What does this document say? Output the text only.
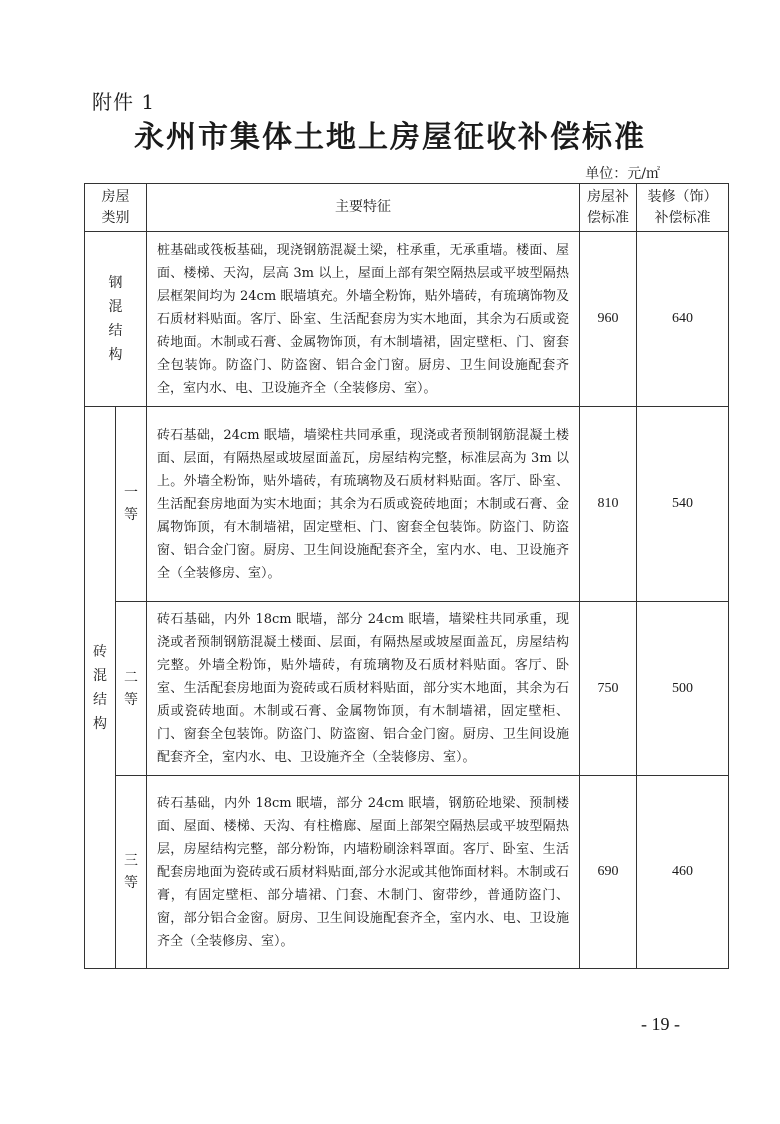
附件 1
永州市集体土地上房屋征收补偿标准
单位：元/㎡
房屋类别		主要特征	房屋补偿标准	装修（饰）补偿标准
钢混结构		桩基础或筏板基础，现浇钢筋混凝土梁，柱承重，无承重墙。楼面、屋面、楼梯、天沟，层高 3m 以上，屋面上部有架空隔热层或平坡型隔热层框架间均为 24cm 眠墙填充。外墙全粉饰，贴外墙砖，有琉璃饰物及石质材料贴面。客厅、卧室、生活配套房为实木地面，其余为石质或瓷砖地面。木制或石膏、金属物饰顶，有木制墙裙，固定壁柜、门、窗套全包装饰。防盗门、防盗窗、铝合金门窗。厨房、卫生间设施配套齐全，室内水、电、卫设施齐全（全装修房、室）。	960	640
砖混结构	一等	砖石基础，24cm 眠墙，墙梁柱共同承重，现浇或者预制钢筋混凝土楼面、层面，有隔热屋或坡屋面盖瓦，房屋结构完整，标准层高为 3m 以上。外墙全粉饰，贴外墙砖，有琉璃物及石质材料贴面。客厅、卧室、生活配套房地面为实木地面；其余为石质或瓷砖地面；木制或石膏、金属物饰顶，有木制墙裙，固定壁柜、门、窗套全包装饰。防盗门、防盗窗、铝合金门窗。厨房、卫生间设施配套齐全，室内水、电、卫设施齐全（全装修房、室）。	810	540
	二等	砖石基础，内外 18cm 眠墙，部分 24cm 眠墙，墙梁柱共同承重，现浇或者预制钢筋混凝土楼面、层面，有隔热屋或坡屋面盖瓦，房屋结构完整。外墙全粉饰，贴外墙砖，有琉璃物及石质材料贴面。客厅、卧室、生活配套房地面为瓷砖或石质材料贴面，部分实木地面，其余为石质或瓷砖地面。木制或石膏、金属物饰顶，有木制墙裙，固定壁柜、门、窗套全包装饰。防盗门、防盗窗、铝合金门窗。厨房、卫生间设施配套齐全，室内水、电、卫设施齐全（全装修房、室）。	750	500
	三等	砖石基础，内外 18cm 眠墙，部分 24cm 眠墙，钢筋砼地梁、预制楼面、屋面、楼梯、天沟、有柱檐廊、屋面上部架空隔热层或平坡型隔热层，房屋结构完整，部分粉饰，内墙粉刷涂料罩面。客厅、卧室、生活配套房地面为瓷砖或石质材料贴面,部分水泥或其他饰面材料。木制或石膏，有固定壁柜、部分墙裙、门套、木制门、窗带纱，普通防盗门、窗，部分铝合金窗。厨房、卫生间设施配套齐全，室内水、电、卫设施齐全（全装修房、室）。	690	460
- 19 -
